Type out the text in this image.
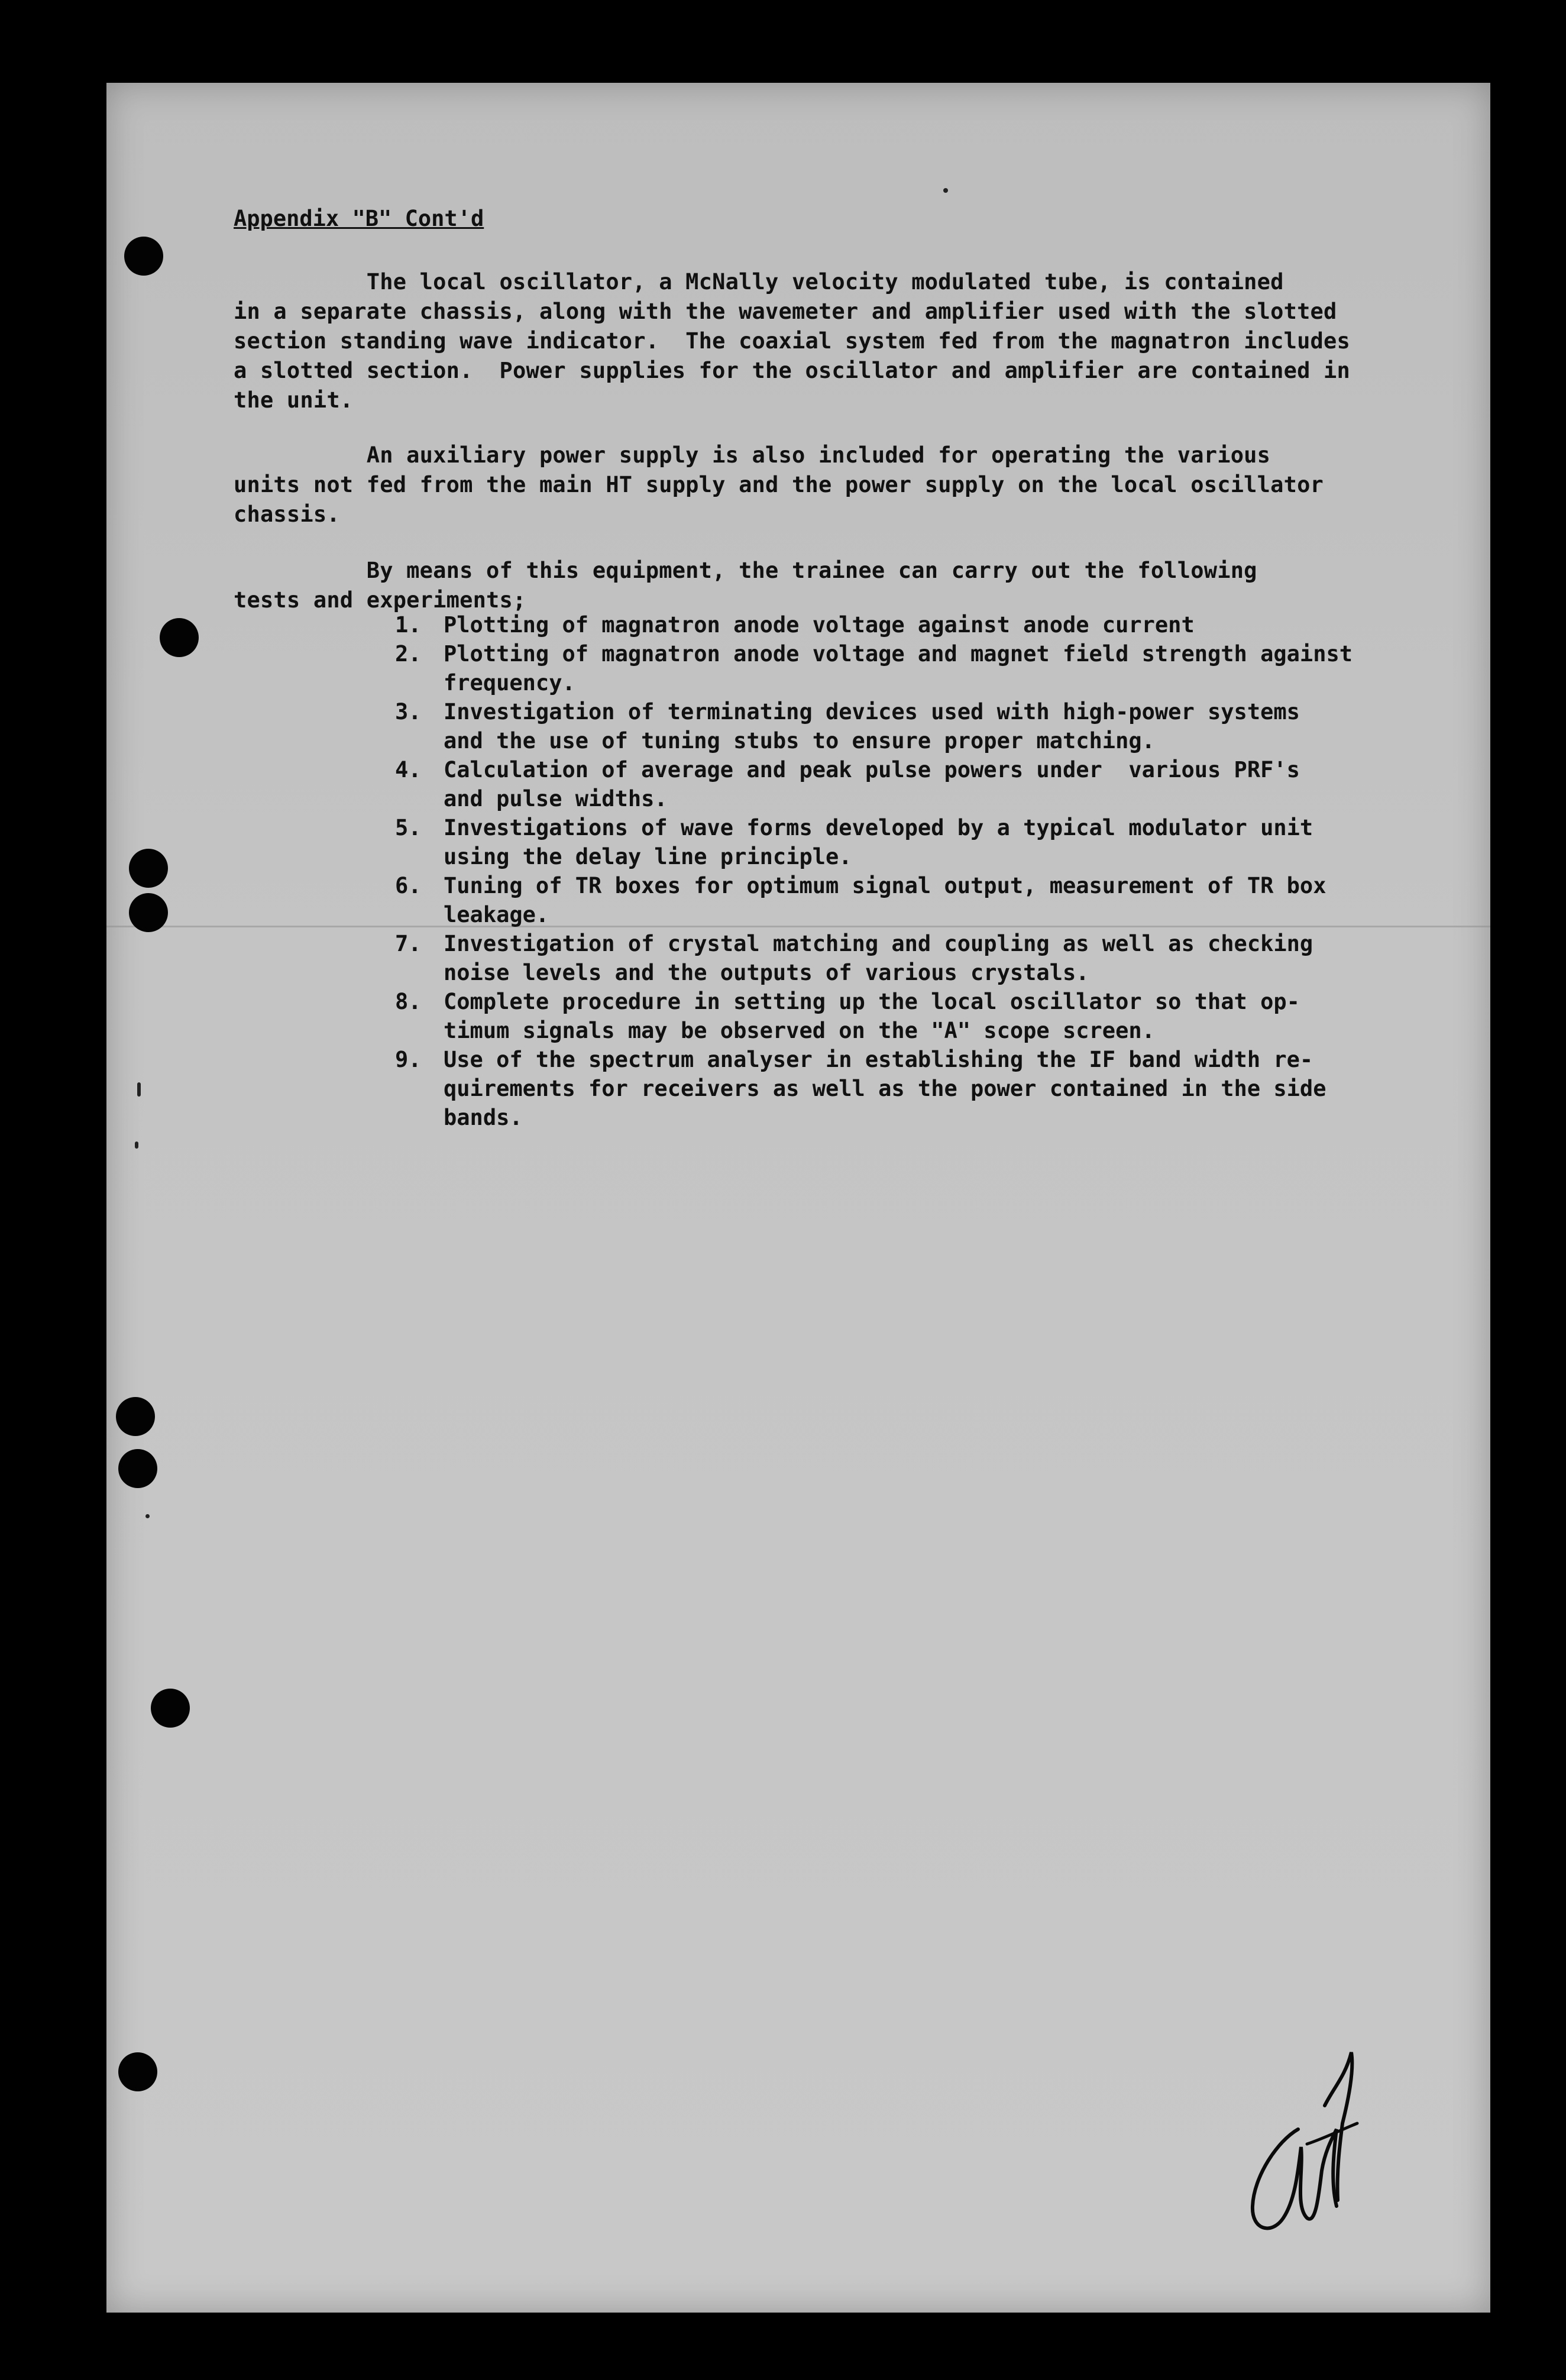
Appendix "B" Cont'd
The local oscillator, a McNally velocity modulated tube, is contained
in a separate chassis, along with the wavemeter and amplifier used with the slotted
section standing wave indicator.  The coaxial system fed from the magnatron includes
a slotted section.  Power supplies for the oscillator and amplifier are contained in
the unit.
An auxiliary power supply is also included for operating the various
units not fed from the main HT supply and the power supply on the local oscillator
chassis.
By means of this equipment, the trainee can carry out the following
tests and experiments;
1.	Plotting of magnatron anode voltage against anode current
2.	Plotting of magnatron anode voltage and magnet field strength against
frequency.
3.	Investigation of terminating devices used with high-power systems
and the use of tuning stubs to ensure proper matching.
4.	Calculation of average and peak pulse powers under  various PRF's
and pulse widths.
5.	Investigations of wave forms developed by a typical modulator unit
using the delay line principle.
6.	Tuning of TR boxes for optimum signal output, measurement of TR box
leakage.
7.	Investigation of crystal matching and coupling as well as checking
noise levels and the outputs of various crystals.
8.	Complete procedure in setting up the local oscillator so that op-
timum signals may be observed on the "A" scope screen.
9.	Use of the spectrum analyser in establishing the IF band width re-
quirements for receivers as well as the power contained in the side
bands.
